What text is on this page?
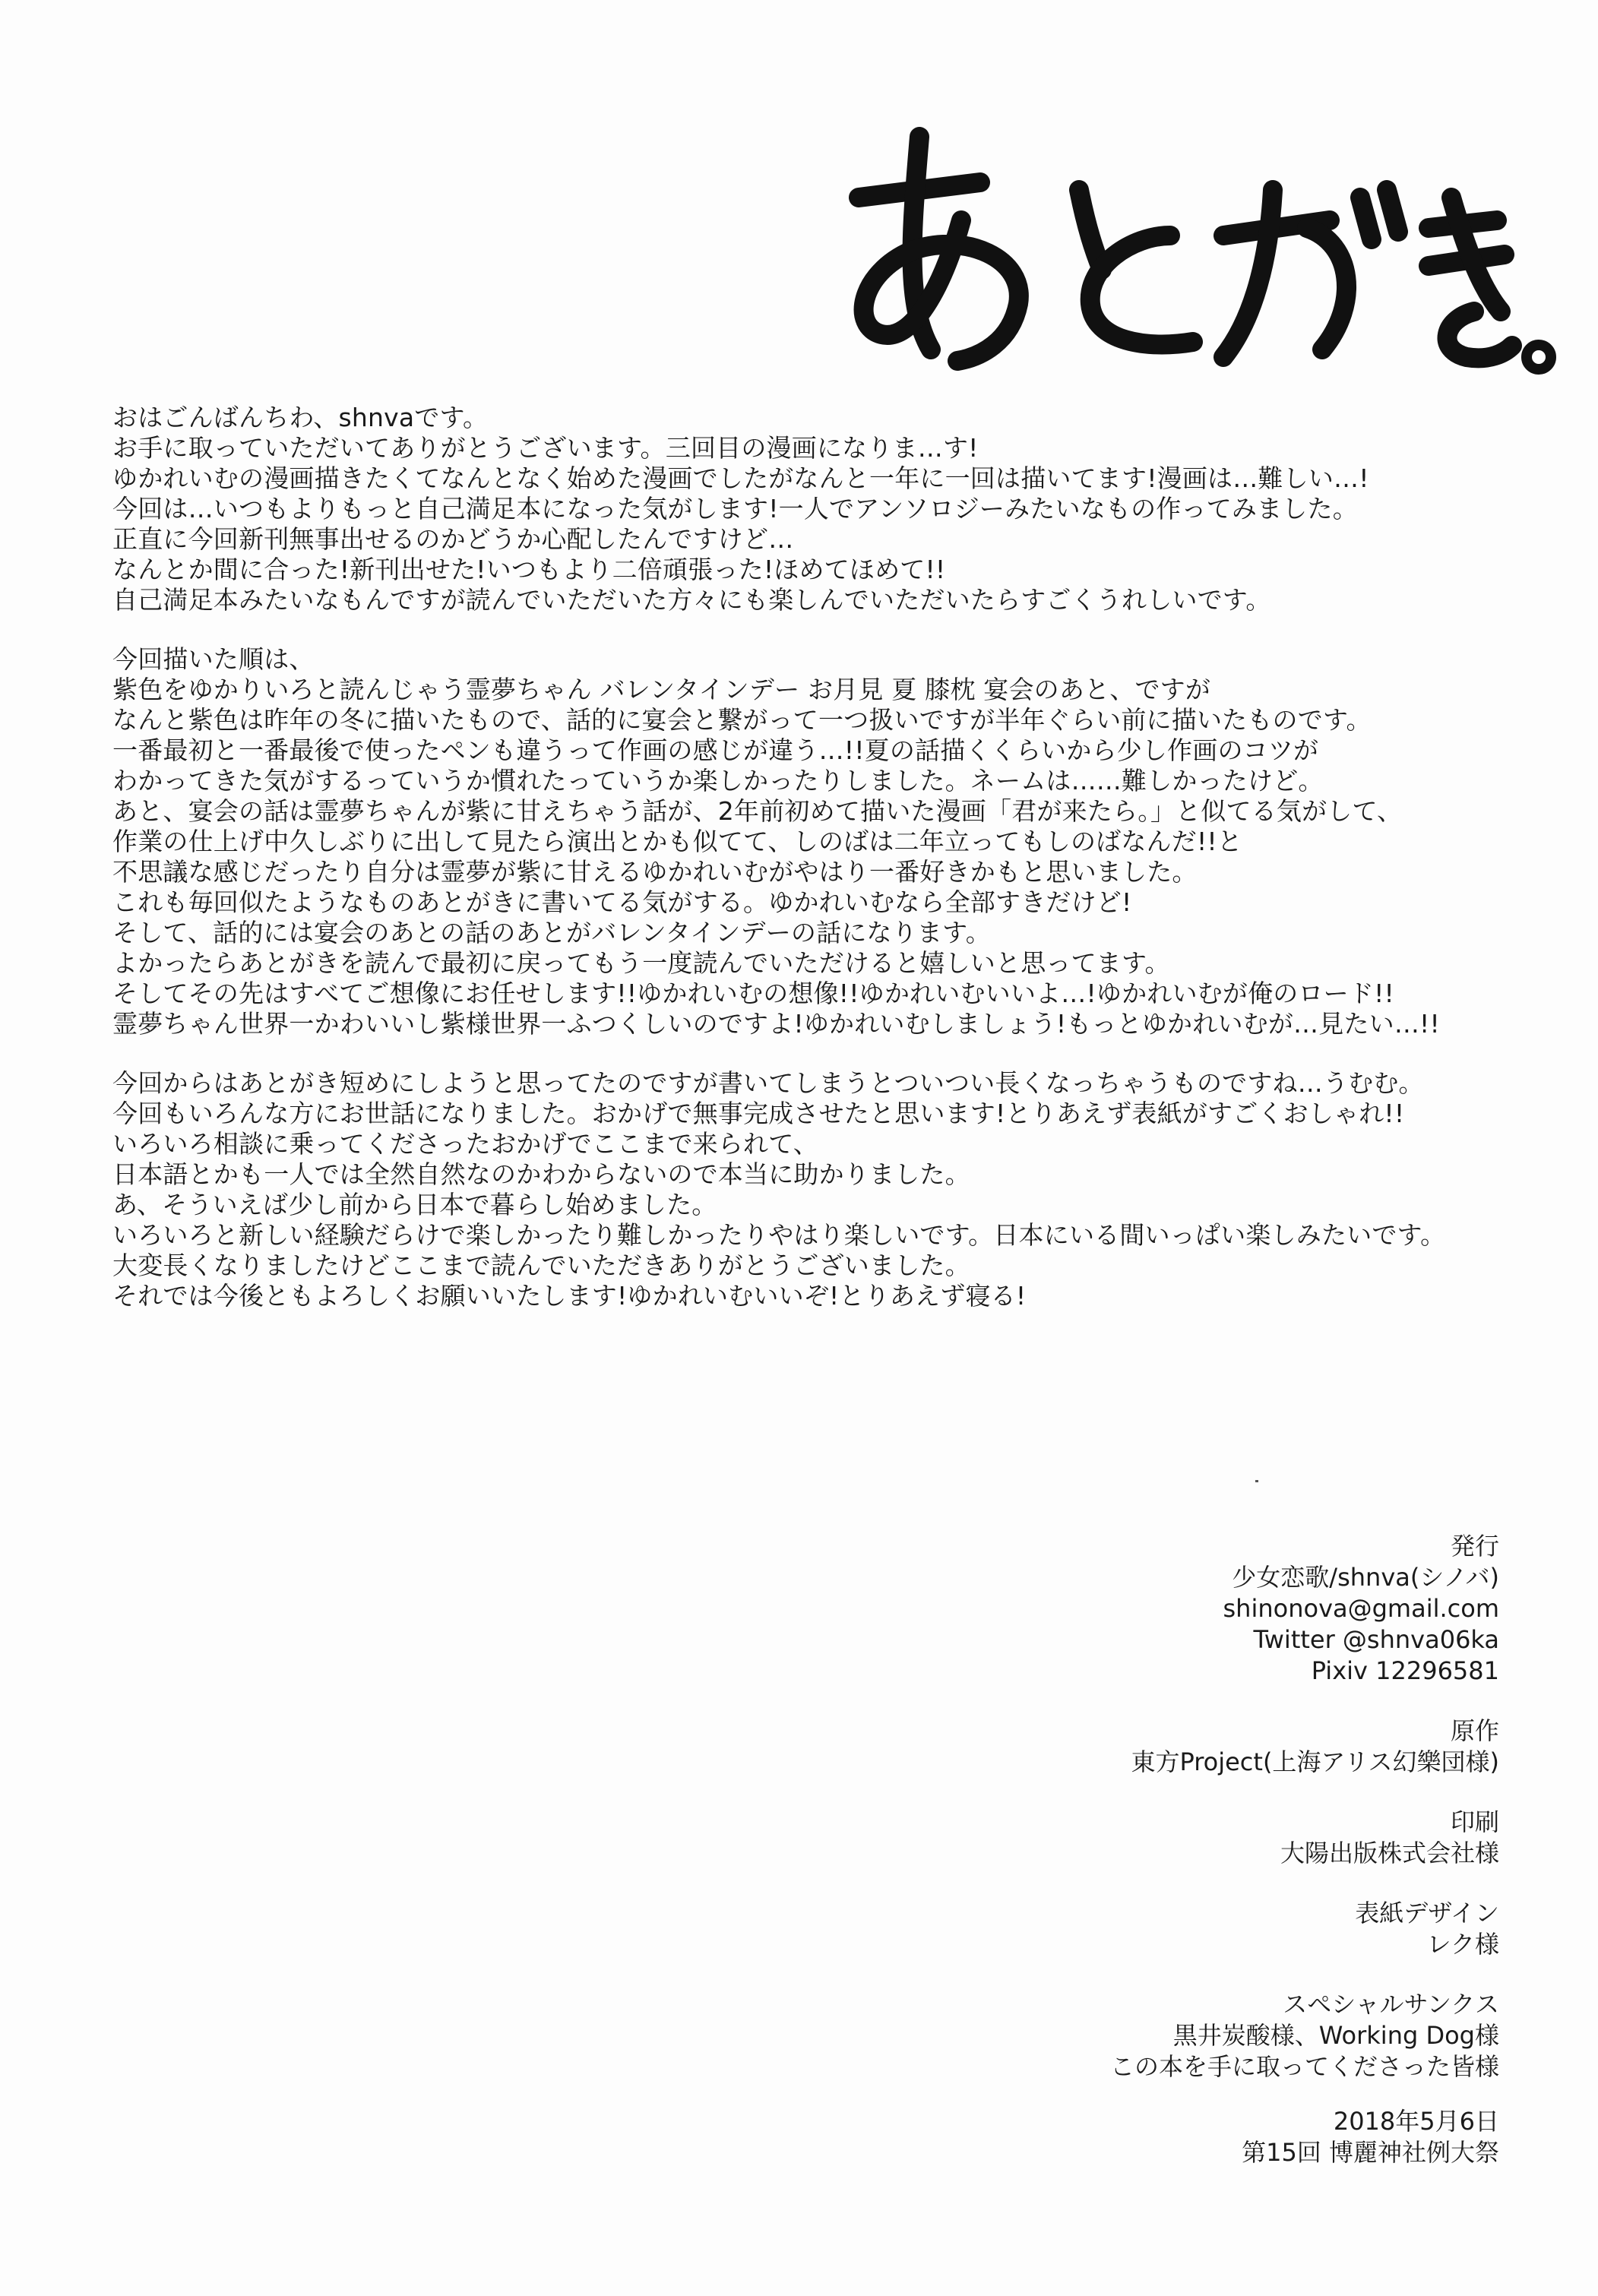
おはごんばんちわ、shnvaです。
お手に取っていただいてありがとうございます。三回目の漫画になりま…す!
ゆかれいむの漫画描きたくてなんとなく始めた漫画でしたがなんと一年に一回は描いてます!漫画は…難しい…!
今回は…いつもよりもっと自己満足本になった気がします!一人でアンソロジーみたいなもの作ってみました。
正直に今回新刊無事出せるのかどうか心配したんですけど…
なんとか間に合った!新刊出せた!いつもより二倍頑張った!ほめてほめて!!
自己満足本みたいなもんですが読んでいただいた方々にも楽しんでいただいたらすごくうれしいです。
今回描いた順は、
紫色をゆかりいろと読んじゃう霊夢ちゃん バレンタインデー お月見 夏 膝枕 宴会のあと、ですが
なんと紫色は昨年の冬に描いたもので、話的に宴会と繋がって一つ扱いですが半年ぐらい前に描いたものです。
一番最初と一番最後で使ったペンも違うって作画の感じが違う…!!夏の話描くくらいから少し作画のコツが
わかってきた気がするっていうか慣れたっていうか楽しかったりしました。ネームは……難しかったけど。
あと、宴会の話は霊夢ちゃんが紫に甘えちゃう話が、2年前初めて描いた漫画「君が来たら。」と似てる気がして、
作業の仕上げ中久しぶりに出して見たら演出とかも似てて、しのばは二年立ってもしのばなんだ!!と
不思議な感じだったり自分は霊夢が紫に甘えるゆかれいむがやはり一番好きかもと思いました。
これも毎回似たようなものあとがきに書いてる気がする。ゆかれいむなら全部すきだけど!
そして、話的には宴会のあとの話のあとがバレンタインデーの話になります。
よかったらあとがきを読んで最初に戻ってもう一度読んでいただけると嬉しいと思ってます。
そしてその先はすべてご想像にお任せします!!ゆかれいむの想像!!ゆかれいむいいよ…!ゆかれいむが俺のロード!!
霊夢ちゃん世界一かわいいし紫様世界一ふつくしいのですよ!ゆかれいむしましょう!もっとゆかれいむが…見たい…!!
今回からはあとがき短めにしようと思ってたのですが書いてしまうとついつい長くなっちゃうものですね…うむむ。
今回もいろんな方にお世話になりました。おかげで無事完成させたと思います!とりあえず表紙がすごくおしゃれ!!
いろいろ相談に乗ってくださったおかげでここまで来られて、
日本語とかも一人では全然自然なのかわからないので本当に助かりました。
あ、そういえば少し前から日本で暮らし始めました。
いろいろと新しい経験だらけで楽しかったり難しかったりやはり楽しいです。日本にいる間いっぱい楽しみたいです。
大変長くなりましたけどここまで読んでいただきありがとうございました。
それでは今後ともよろしくお願いいたします!ゆかれいむいいぞ!とりあえず寝る!
発行
少女恋歌/shnva(シノバ)
shinonova@gmail.com
Twitter @shnva06ka
Pixiv 12296581
原作
東方Project(上海アリス幻樂団様)
印刷
大陽出版株式会社様
表紙デザイン
レク様
スペシャルサンクス
黒井炭酸様、Working Dog様
この本を手に取ってくださった皆様
2018年5月6日
第15回 博麗神社例大祭
